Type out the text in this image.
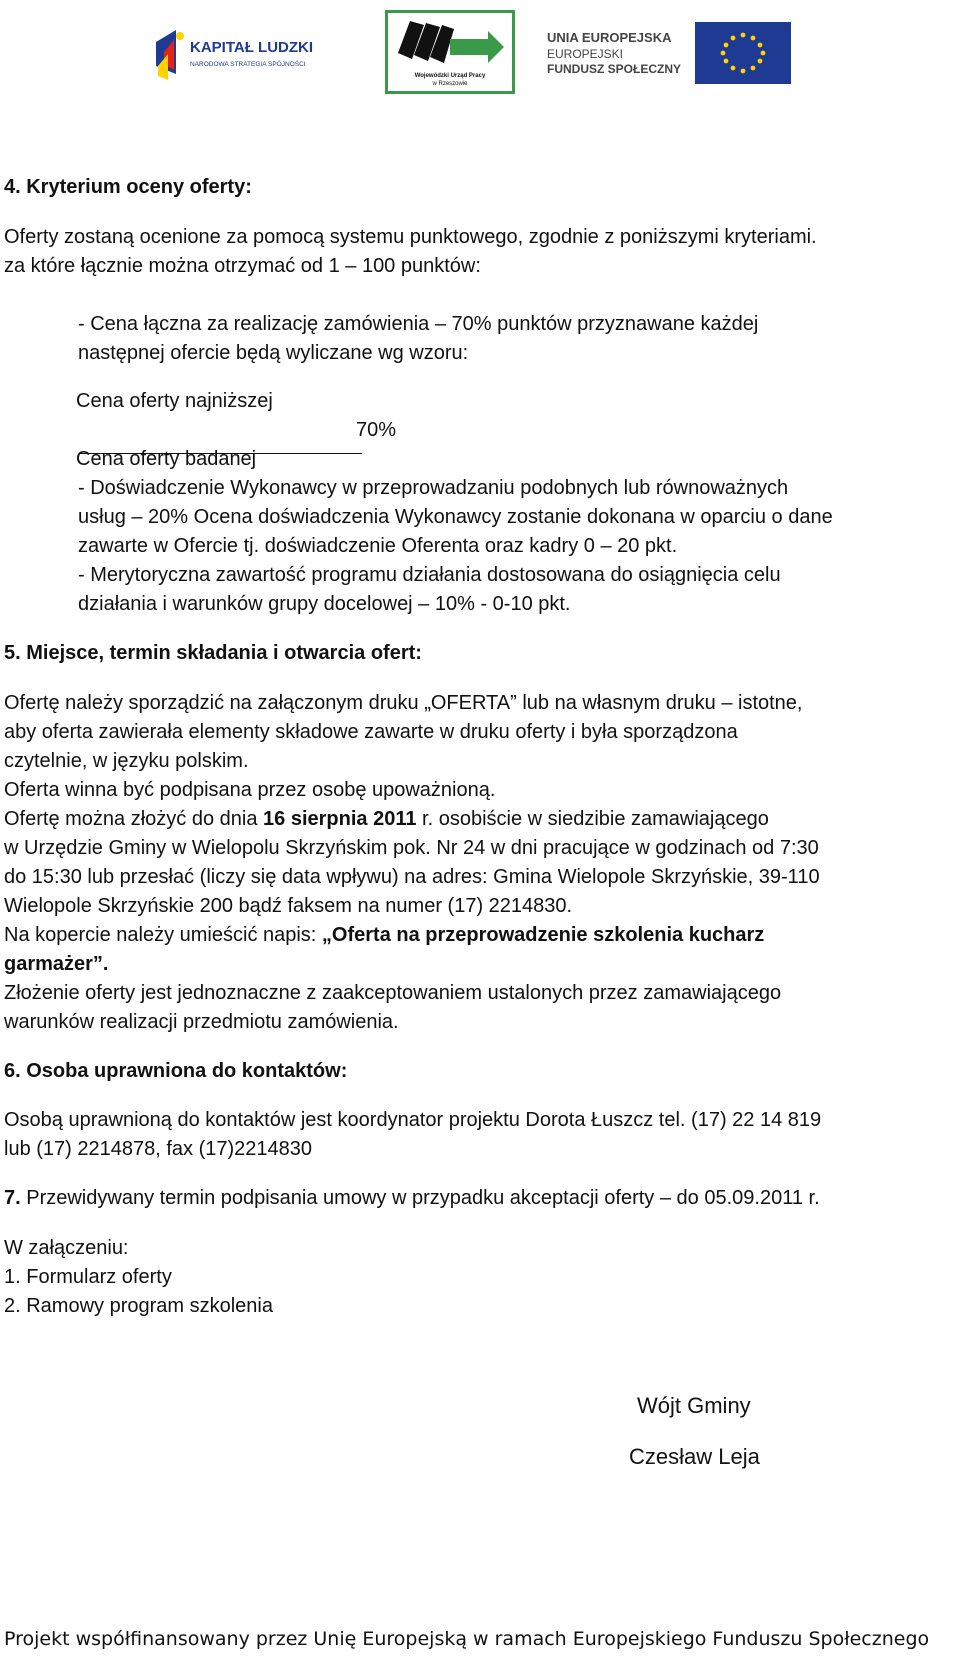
KAPITAŁ LUDZKI
NARODOWA STRATEGIA SPÓJNOŚCI
Wojewódzki Urząd Pracy
w Rzeszowie
UNIA EUROPEJSKA
EUROPEJSKI
FUNDUSZ SPOŁECZNY
4. Kryterium oceny oferty:
Oferty zostaną ocenione za pomocą systemu punktowego, zgodnie z poniższymi kryteriami.
za które łącznie można otrzymać od 1 – 100 punktów:
- Cena łączna za realizację zamówienia – 70% punktów przyznawane każdej
następnej ofercie będą wyliczane wg wzoru:
Cena oferty najniższej
70%
Cena oferty badanej
- Doświadczenie Wykonawcy w przeprowadzaniu podobnych lub równoważnych
usług – 20% Ocena doświadczenia Wykonawcy zostanie dokonana w oparciu o dane
zawarte w Ofercie tj. doświadczenie Oferenta oraz kadry 0 – 20 pkt.
- Merytoryczna zawartość programu działania dostosowana do osiągnięcia celu
działania i warunków grupy docelowej – 10% - 0-10 pkt.
5. Miejsce, termin składania i otwarcia ofert:
Ofertę należy sporządzić na załączonym druku „OFERTA” lub na własnym druku – istotne,
aby oferta zawierała elementy składowe zawarte w druku oferty i była sporządzona
czytelnie, w języku polskim.
Oferta winna być podpisana przez osobę upoważnioną.
Ofertę można złożyć do dnia 16 sierpnia 2011 r. osobiście w siedzibie zamawiającego
w Urzędzie Gminy w Wielopolu Skrzyńskim pok. Nr 24 w dni pracujące w godzinach od 7:30
do 15:30 lub przesłać (liczy się data wpływu) na adres: Gmina Wielopole Skrzyńskie, 39-110
Wielopole Skrzyńskie 200 bądź faksem na numer (17) 2214830.
Na kopercie należy umieścić napis: „Oferta na przeprowadzenie szkolenia kucharz
garmażer”.
Złożenie oferty jest jednoznaczne z zaakceptowaniem ustalonych przez zamawiającego
warunków realizacji przedmiotu zamówienia.
6. Osoba uprawniona do kontaktów:
Osobą uprawnioną do kontaktów jest koordynator projektu Dorota Łuszcz tel. (17) 22 14 819
lub (17) 2214878, fax (17)2214830
7. Przewidywany termin podpisania umowy w przypadku akceptacji oferty – do 05.09.2011 r.
W załączeniu:
1. Formularz oferty
2. Ramowy program szkolenia
Wójt Gminy
Czesław Leja
Projekt współfinansowany przez Unię Europejską w ramach Europejskiego Funduszu Społecznego
